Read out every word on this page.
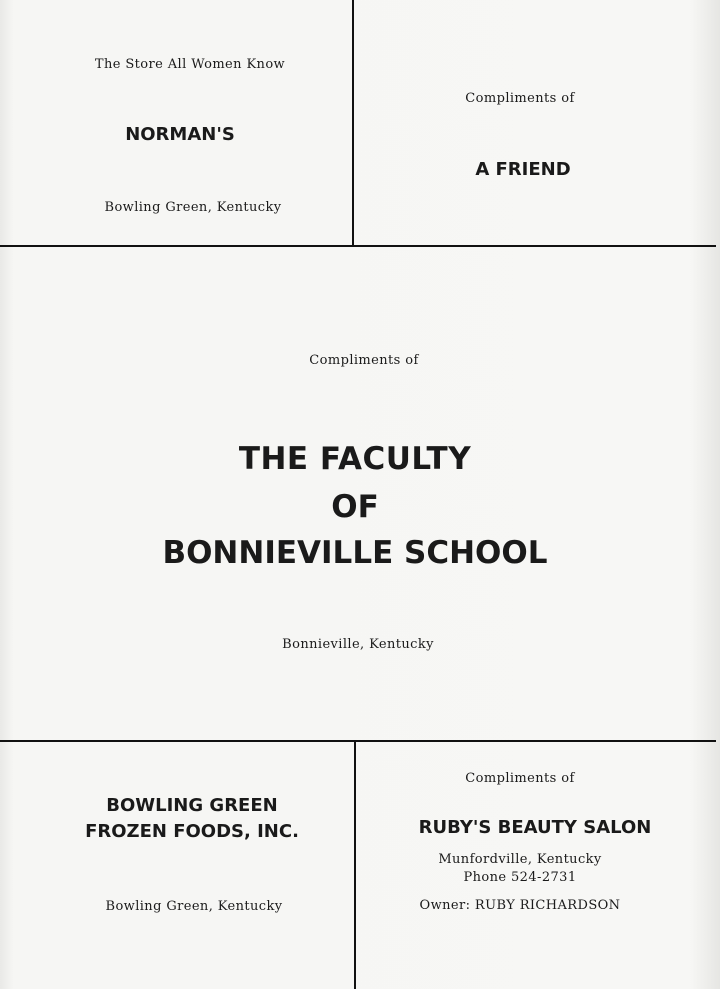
The Store All Women Know
NORMAN'S
Bowling Green, Kentucky
Compliments of
A FRIEND
Compliments of
THE FACULTY
OF
BONNIEVILLE SCHOOL
Bonnieville, Kentucky
BOWLING GREEN
FROZEN FOODS, INC.
Bowling Green, Kentucky
Compliments of
RUBY'S BEAUTY SALON
Munfordville, Kentucky
Phone 524-2731
Owner: RUBY RICHARDSON
